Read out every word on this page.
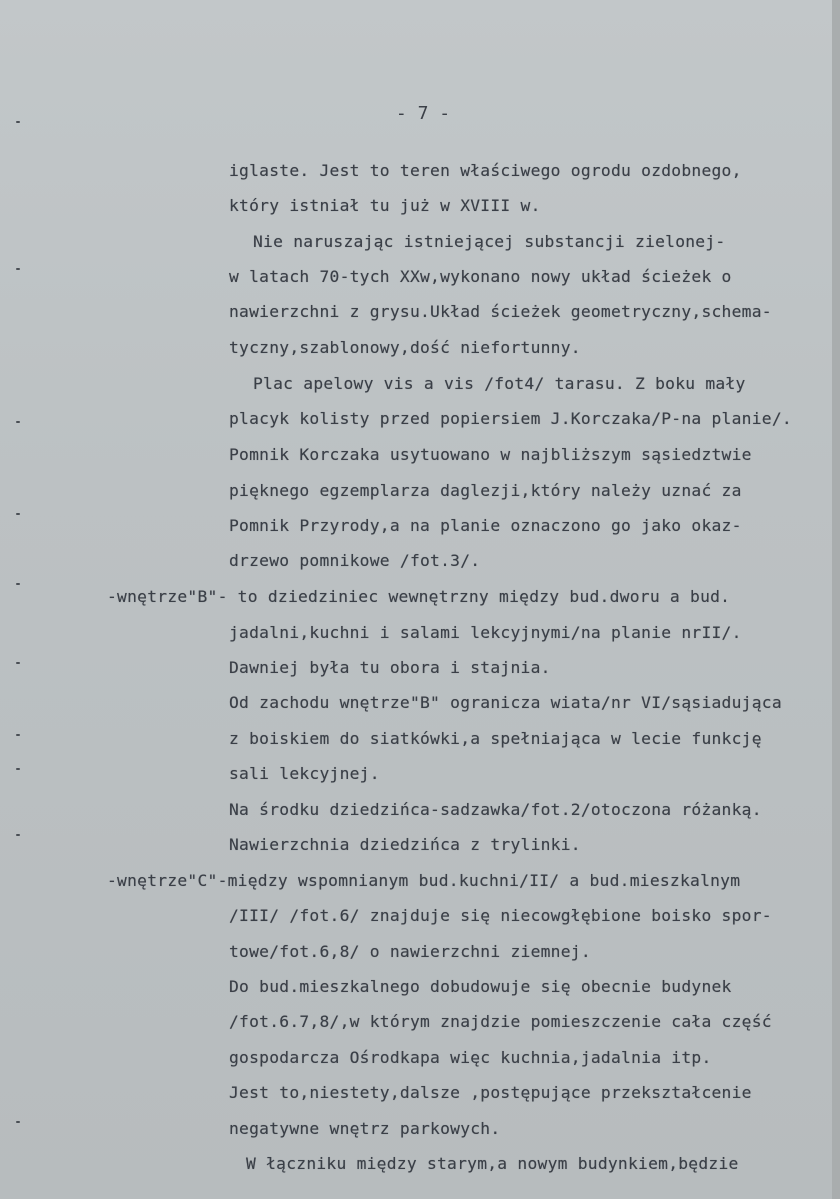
- 7 -
iglaste. Jest to teren właściwego ogrodu ozdobnego,
który istniał tu już w XVIII w.
Nie naruszając istniejącej substancji zielonej-
w latach 70-tych XXw,wykonano nowy układ ścieżek o
nawierzchni z grysu.Układ ścieżek geometryczny,schema-
tyczny,szablonowy,dość niefortunny.
Plac apelowy vis a vis /fot4/ tarasu. Z boku mały
placyk kolisty przed popiersiem J.Korczaka/P-na planie/.
Pomnik Korczaka usytuowano w najbliższym sąsiedztwie
pięknego egzemplarza daglezji,który należy uznać za
Pomnik Przyrody,a na planie oznaczono go jako okaz-
drzewo pomnikowe /fot.3/.
-wnętrze"B"- to dziedziniec wewnętrzny między bud.dworu a bud.
jadalni,kuchni i salami lekcyjnymi/na planie nrII/.
Dawniej była tu obora i stajnia.
Od zachodu wnętrze"B" ogranicza wiata/nr VI/sąsiadująca
z boiskiem do siatkówki,a spełniająca w lecie funkcję
sali lekcyjnej.
Na środku dziedzińca-sadzawka/fot.2/otoczona różanką.
Nawierzchnia dziedzińca z trylinki.
-wnętrze"C"-między wspomnianym bud.kuchni/II/ a bud.mieszkalnym
/III/ /fot.6/ znajduje się niecowgłębione boisko spor-
towe/fot.6,8/ o nawierzchni ziemnej.
Do bud.mieszkalnego dobudowuje się obecnie budynek
/fot.6.7,8/,w którym znajdzie pomieszczenie cała część
gospodarcza Ośrodkapa więc kuchnia,jadalnia itp.
Jest to,niestety,dalsze ,postępujące przekształcenie
negatywne wnętrz parkowych.
W łączniku między starym,a nowym budynkiem,będzie
